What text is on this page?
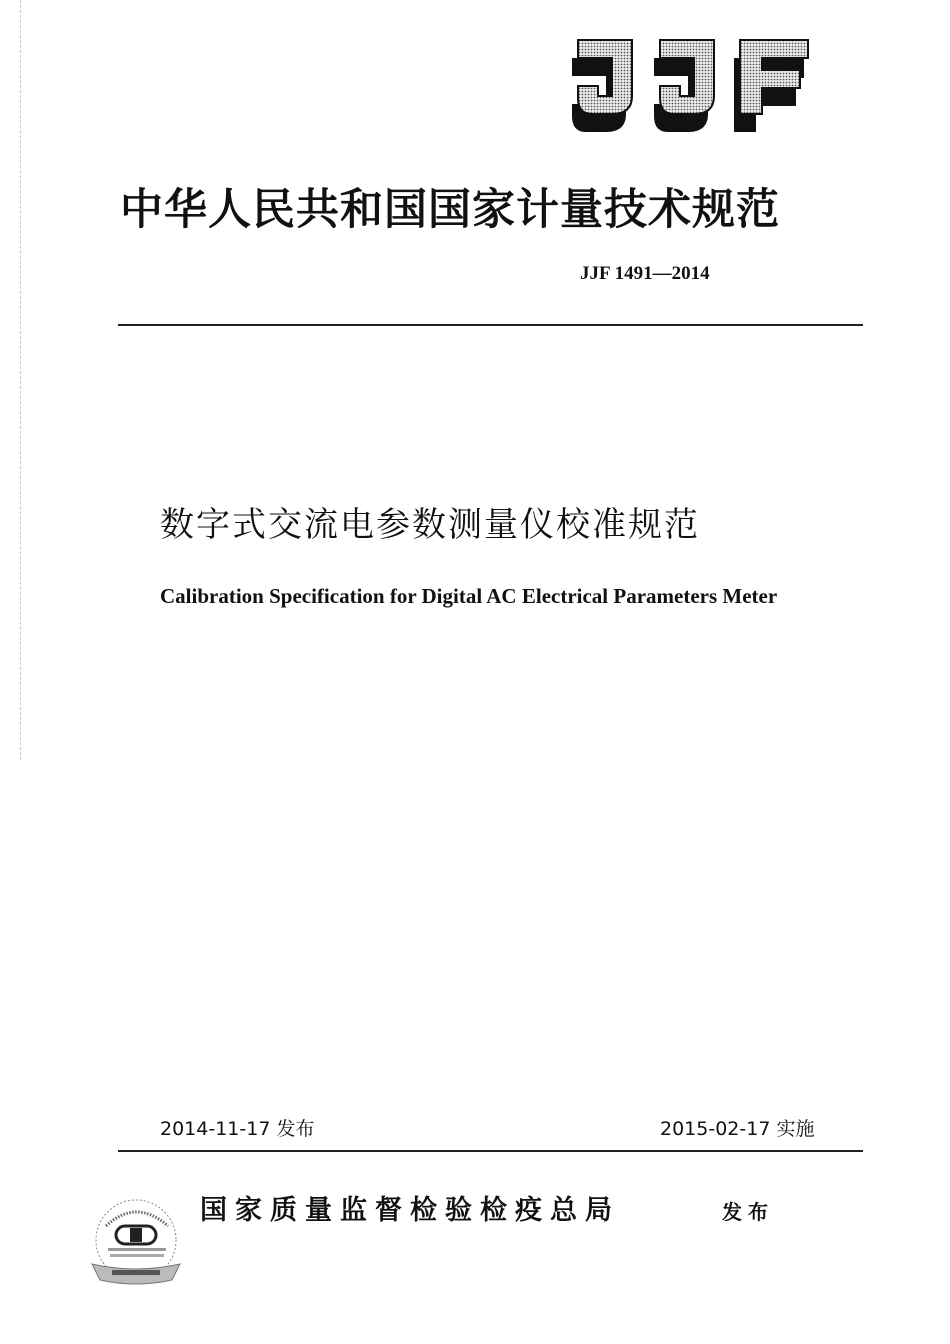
中华人民共和国国家计量技术规范
JJF 1491—2014
数字式交流电参数测量仪校准规范
Calibration Specification for Digital AC Electrical Parameters Meter
2014-11-17 发布	2015-02-17 实施
国家质量监督检验检疫总局	发布
